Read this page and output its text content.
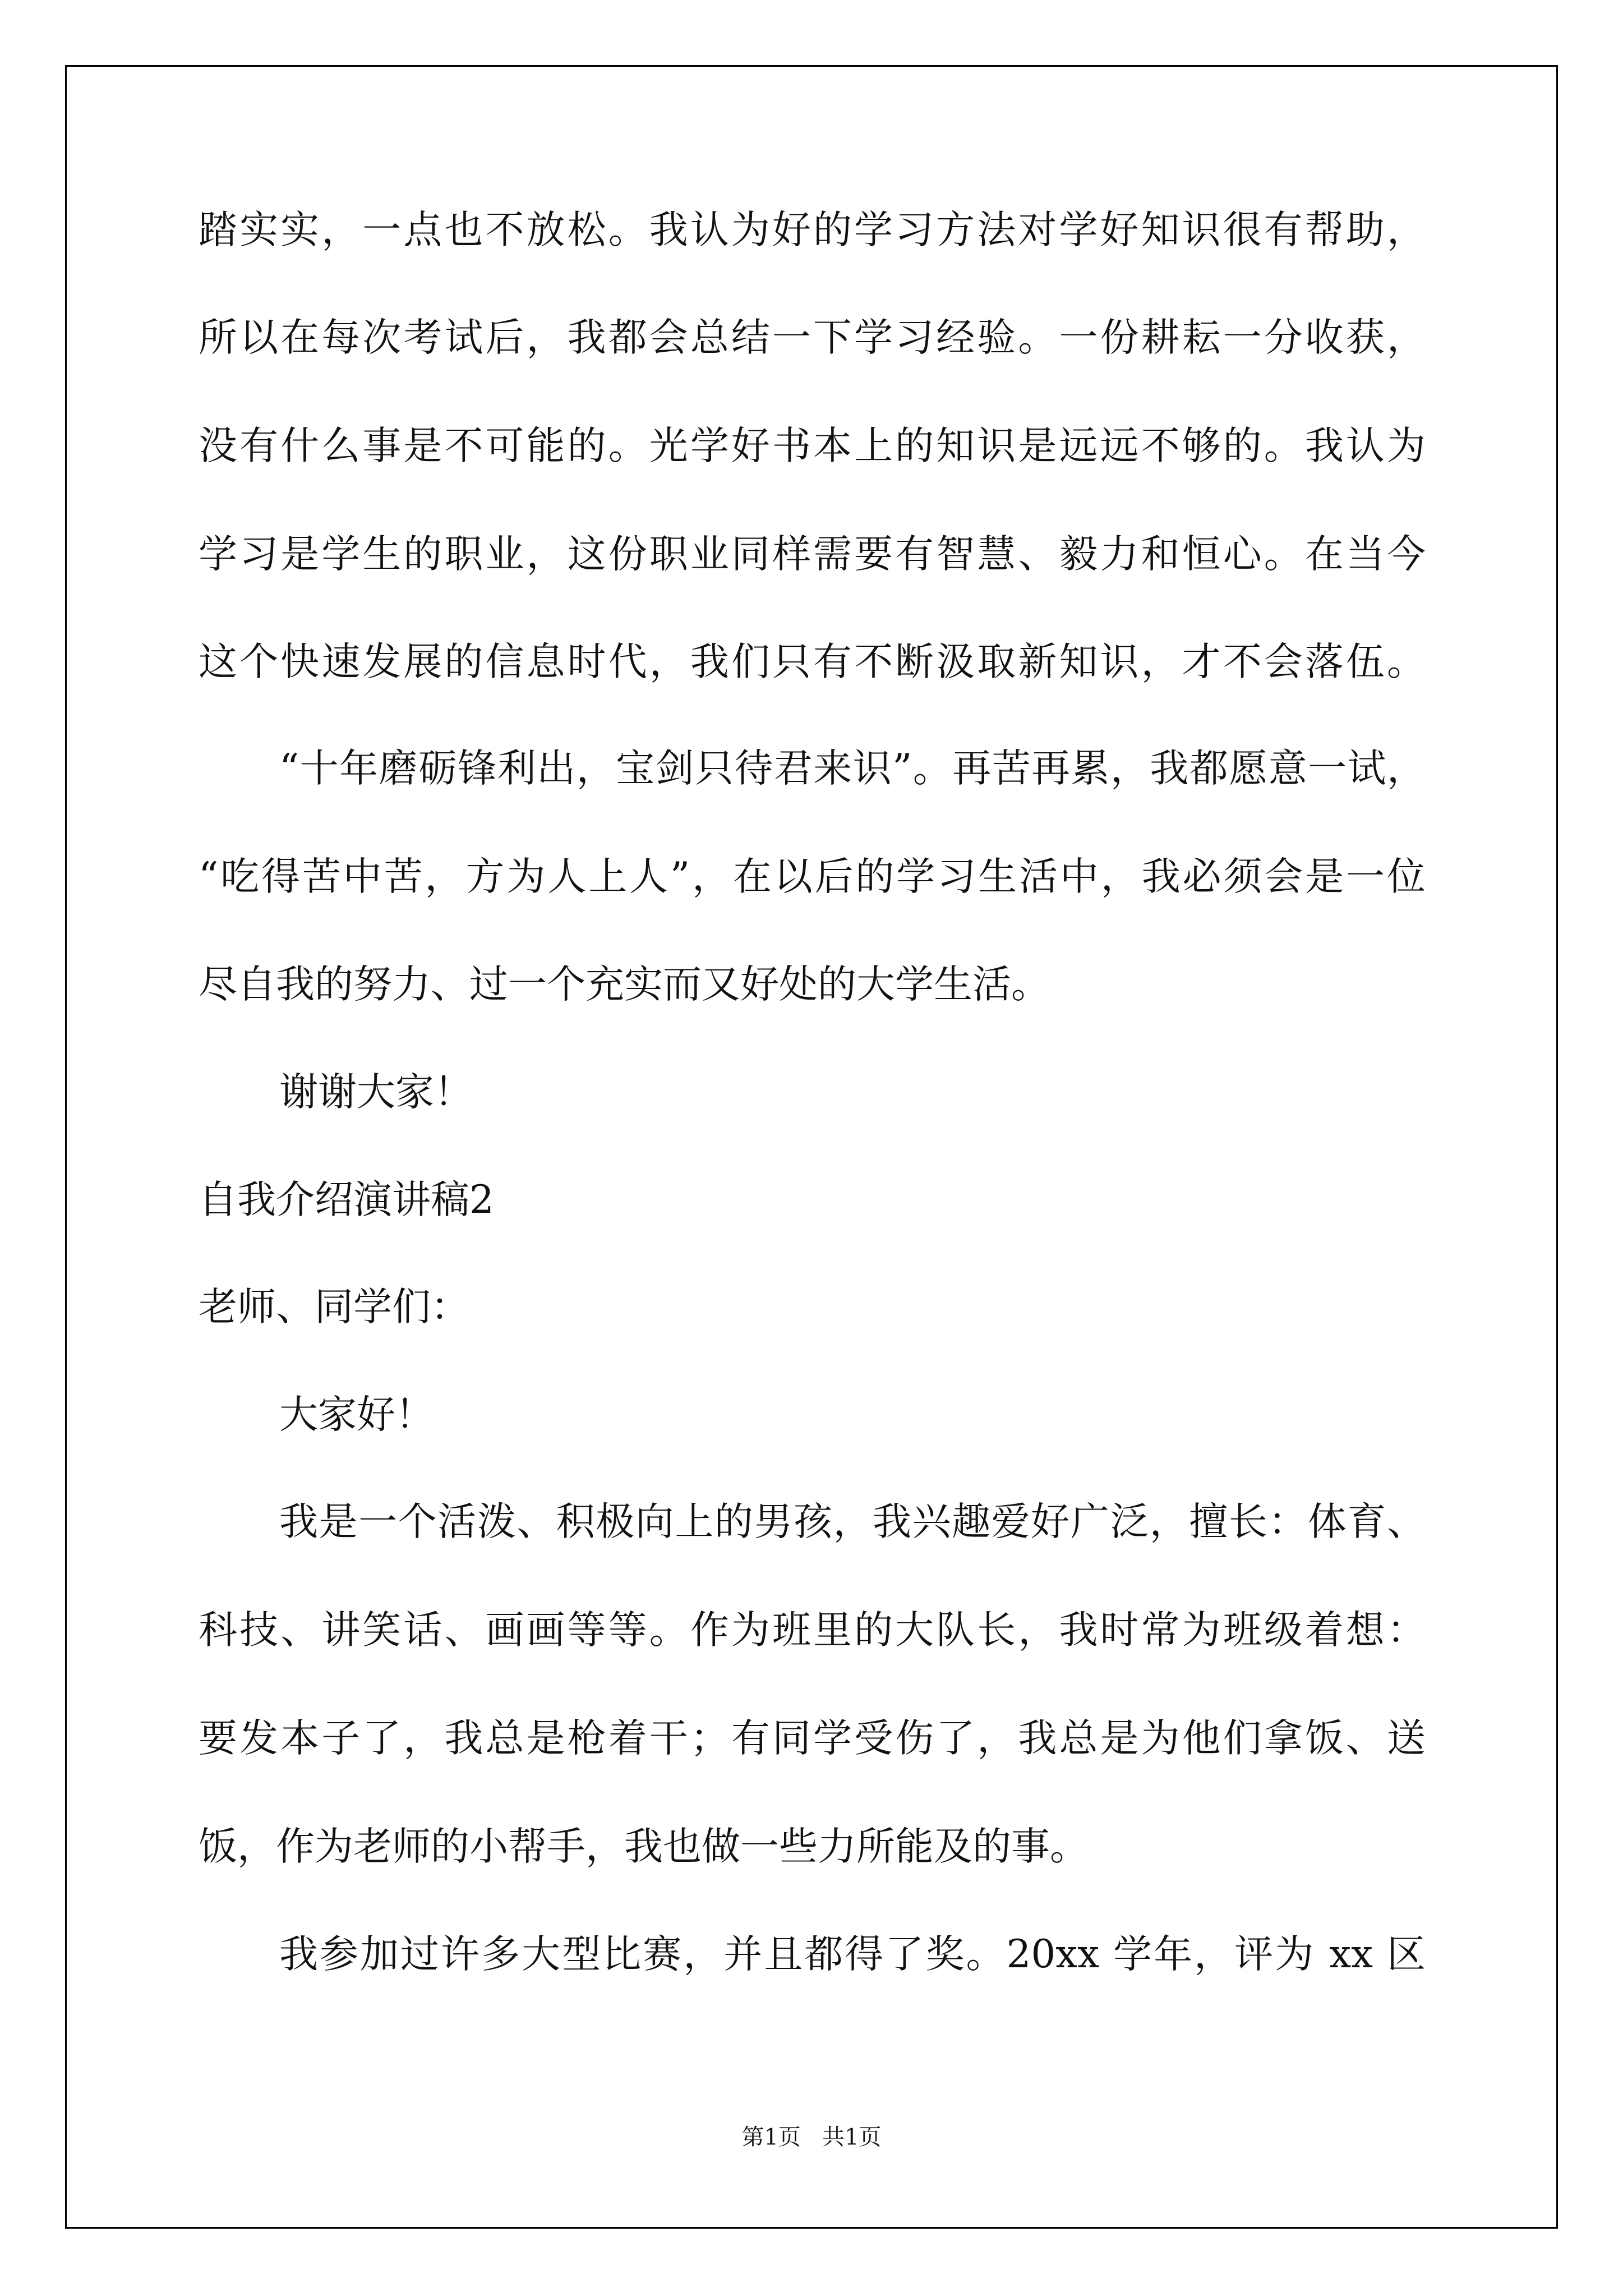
踏实实，一点也不放松。我认为好的学习方法对学好知识很有帮助，

所以在每次考试后，我都会总结一下学习经验。一份耕耘一分收获，

没有什么事是不可能的。光学好书本上的知识是远远不够的。我认为

学习是学生的职业，这份职业同样需要有智慧、毅力和恒心。在当今

这个快速发展的信息时代，我们只有不断汲取新知识，才不会落伍。

“十年磨砺锋利出，宝剑只待君来识”。再苦再累，我都愿意一试，

“吃得苦中苦，方为人上人”，在以后的学习生活中，我必须会是一位

尽自我的努力、过一个充实而又好处的大学生活。

谢谢大家！

自我介绍演讲稿2

老师、同学们：

大家好！

我是一个活泼、积极向上的男孩，我兴趣爱好广泛，擅长：体育、

科技、讲笑话、画画等等。作为班里的大队长，我时常为班级着想：

要发本子了，我总是枪着干；有同学受伤了，我总是为他们拿饭、送

饭，作为老师的小帮手，我也做一些力所能及的事。

我参加过许多大型比赛，并且都得了奖。20xx 学年，评为 xx 区

第1页   共1页
